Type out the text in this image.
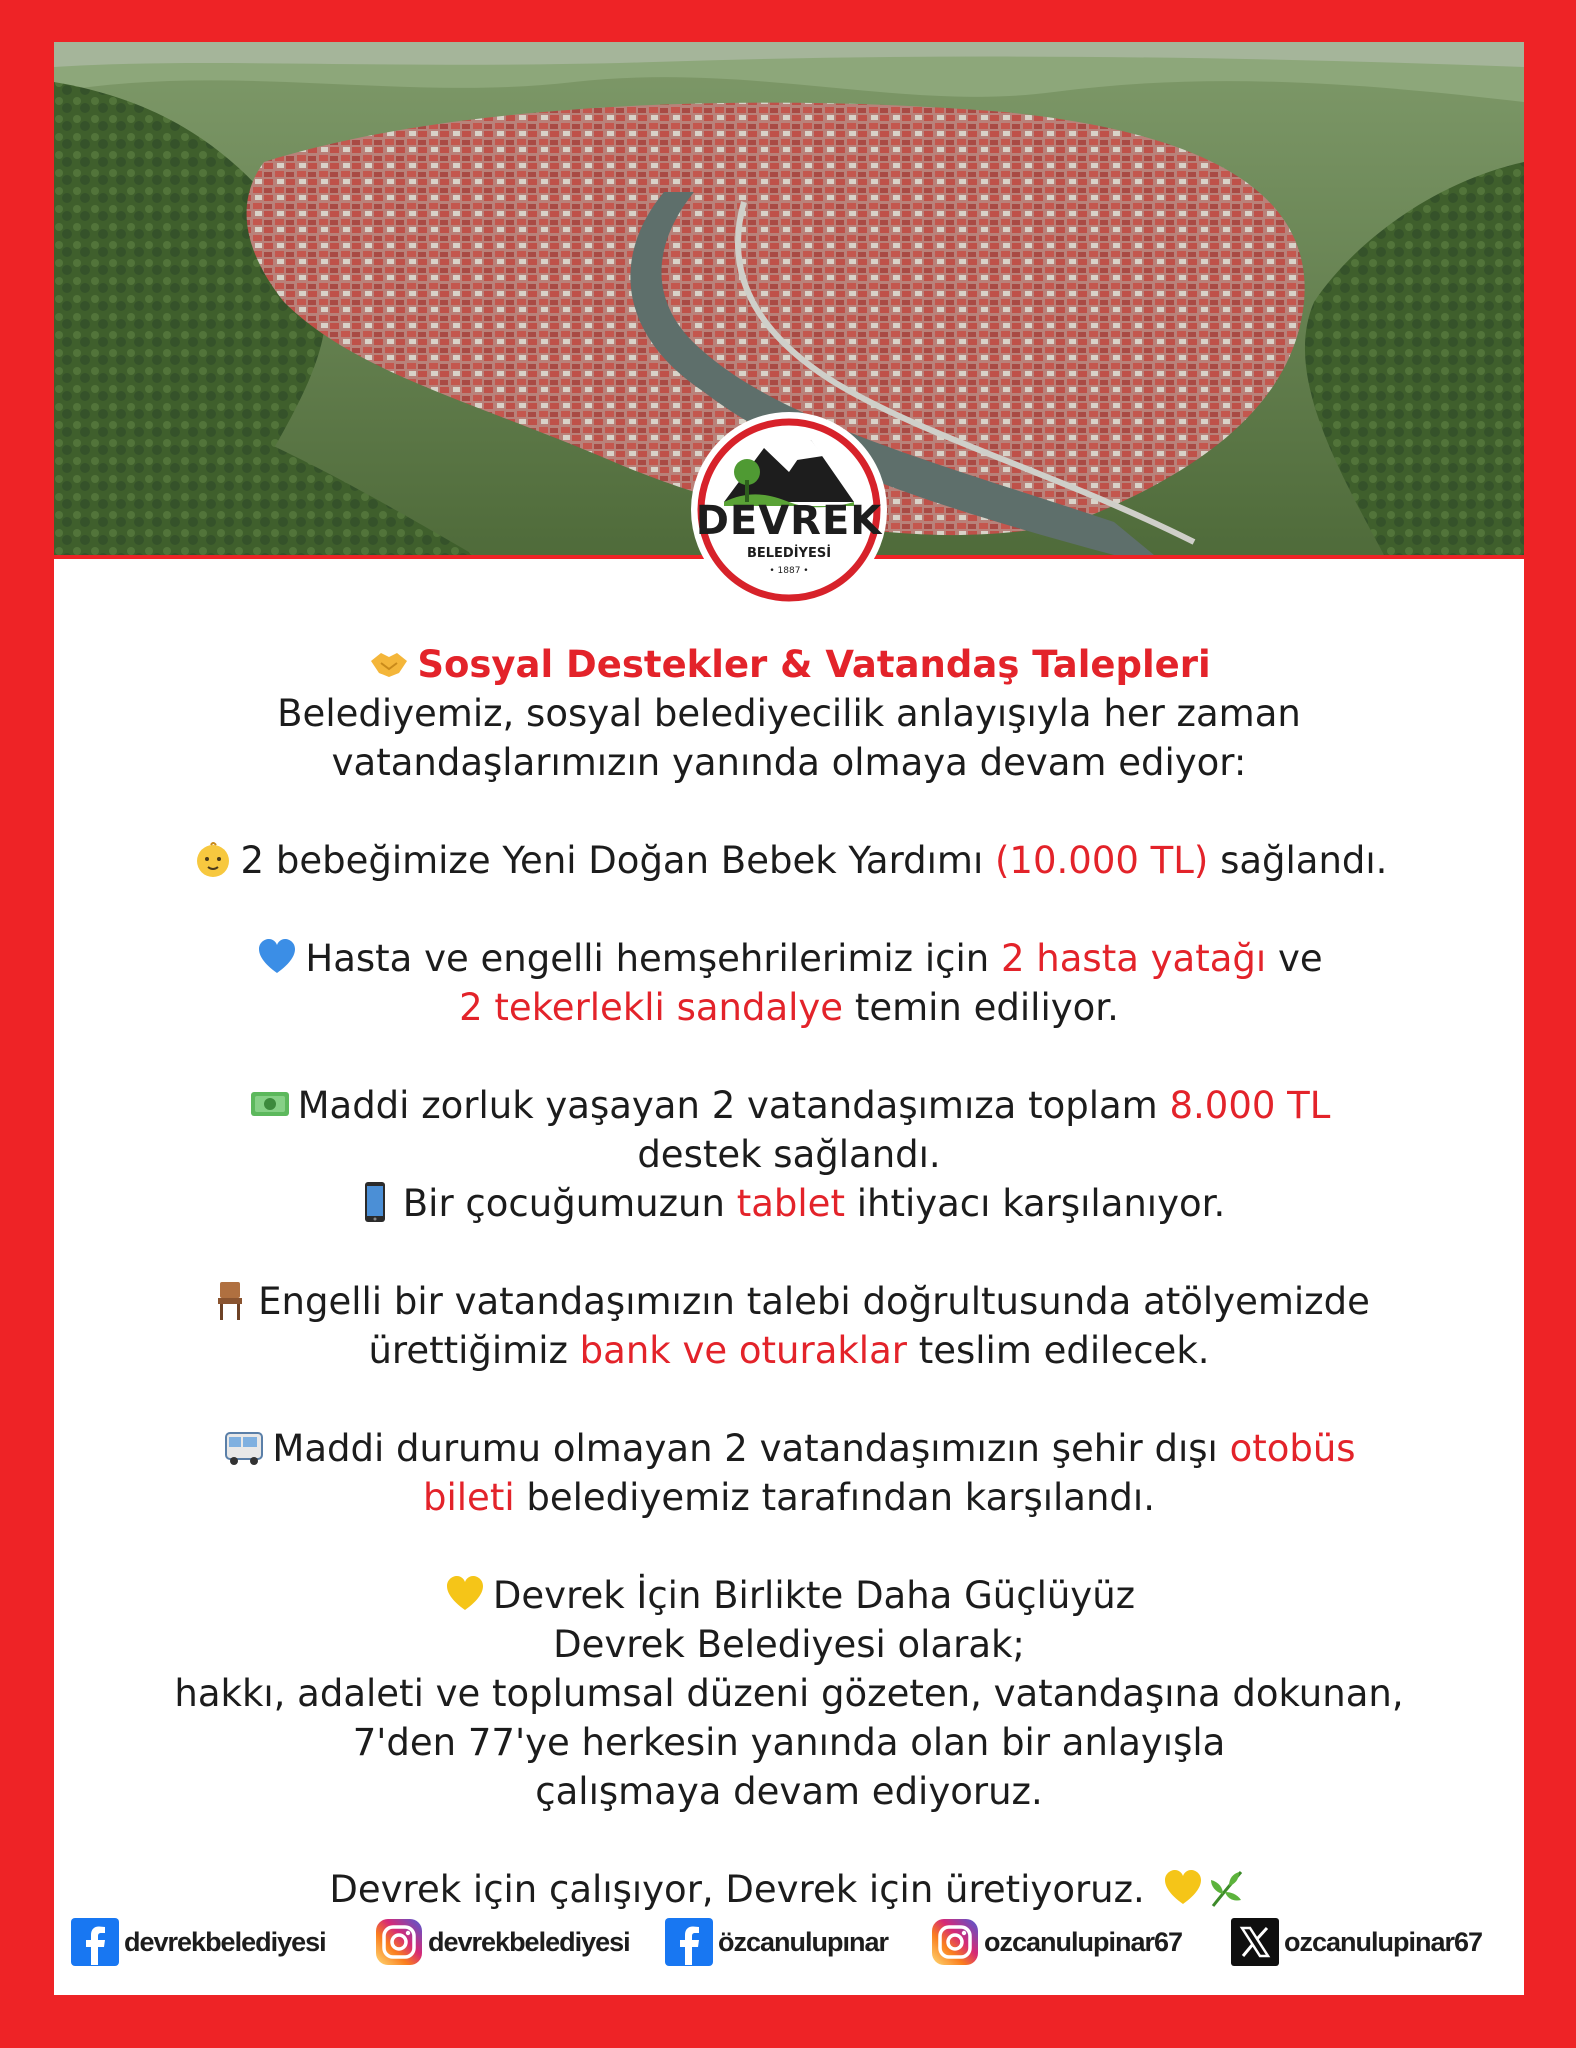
DEVREK
BELEDİYESİ
• 1887 •

Sosyal Destekler & Vatandaş Talepleri

Belediyemiz, sosyal belediyecilik anlayışıyla her zaman

vatandaşlarımızın yanında olmaya devam ediyor:

2 bebeğimize Yeni Doğan Bebek Yardımı (10.000 TL) sağlandı.

Hasta ve engelli hemşehrilerimiz için 2 hasta yatağı ve

2 tekerlekli sandalye temin ediliyor.

Maddi zorluk yaşayan 2 vatandaşımıza toplam 8.000 TL

destek sağlandı.

Bir çocuğumuzun tablet ihtiyacı karşılanıyor.

Engelli bir vatandaşımızın talebi doğrultusunda atölyemizde

ürettiğimiz bank ve oturaklar teslim edilecek.

Maddi durumu olmayan 2 vatandaşımızın şehir dışı otobüs

bileti belediyemiz tarafından karşılandı.

Devrek İçin Birlikte Daha Güçlüyüz

Devrek Belediyesi olarak;

hakkı, adaleti ve toplumsal düzeni gözeten, vatandaşına dokunan,

7'den 77'ye herkesin yanında olan bir anlayışla

çalışmaya devam ediyoruz.

Devrek için çalışıyor, Devrek için üretiyoruz.

devrekbelediyesi	devrekbelediyesi	özcanulupınar	ozcanulupinar67	ozcanulupinar67
